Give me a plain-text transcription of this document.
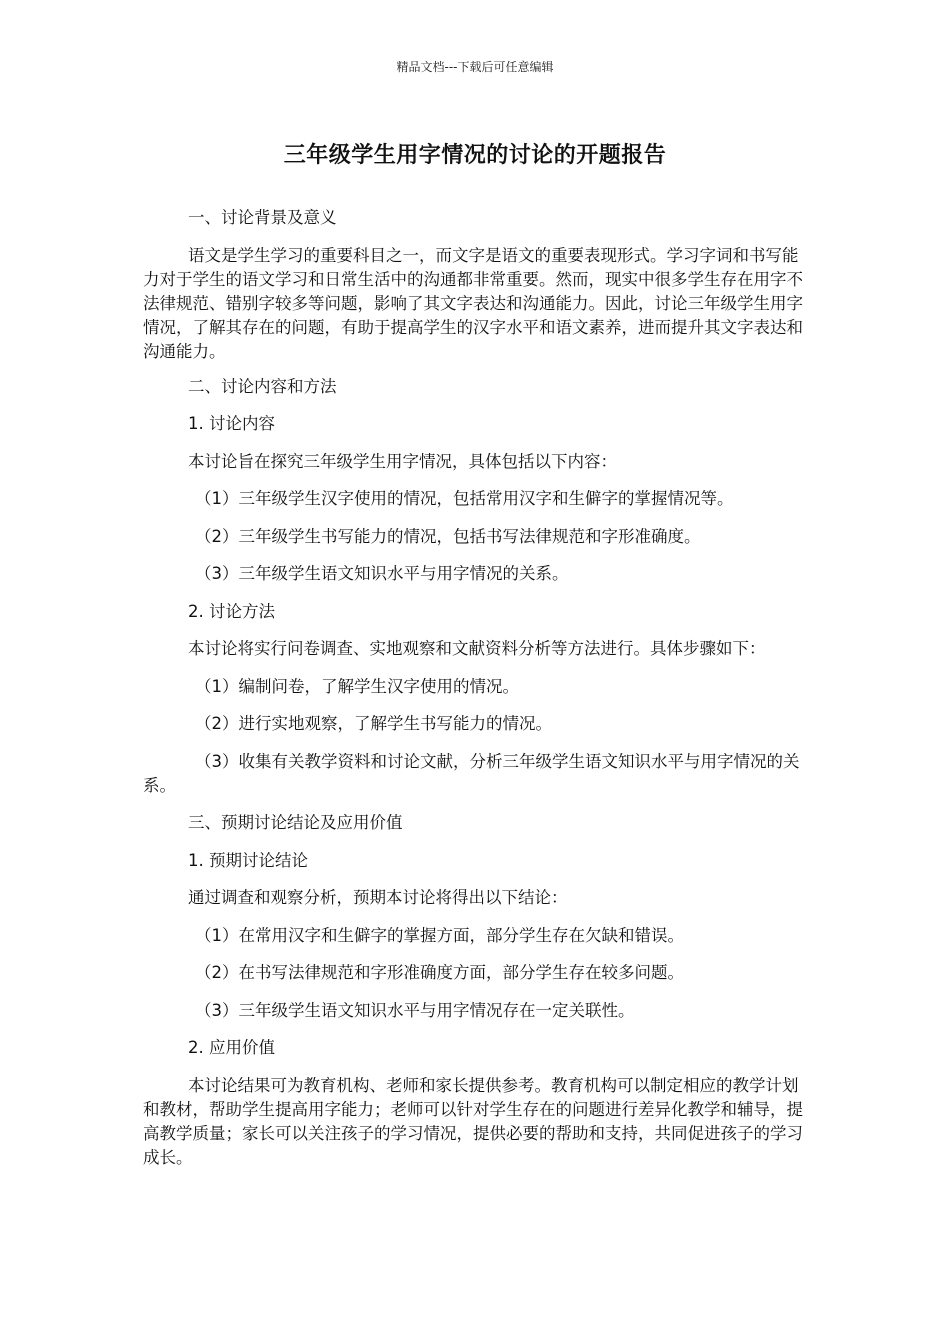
精品文档---下载后可任意编辑
三年级学生用字情况的讨论的开题报告

一、讨论背景及意义

语文是学生学习的重要科目之一，而文字是语文的重要表现形式。学习字词和书写能力对于学生的语文学习和日常生活中的沟通都非常重要。然而，现实中很多学生存在用字不法律规范、错别字较多等问题，影响了其文字表达和沟通能力。因此，讨论三年级学生用字情况，了解其存在的问题，有助于提高学生的汉字水平和语文素养，进而提升其文字表达和沟通能力。

二、讨论内容和方法

1. 讨论内容

本讨论旨在探究三年级学生用字情况，具体包括以下内容：

（1）三年级学生汉字使用的情况，包括常用汉字和生僻字的掌握情况等。

（2）三年级学生书写能力的情况，包括书写法律规范和字形准确度。

（3）三年级学生语文知识水平与用字情况的关系。

2. 讨论方法

本讨论将实行问卷调查、实地观察和文献资料分析等方法进行。具体步骤如下：

（1）编制问卷，了解学生汉字使用的情况。

（2）进行实地观察，了解学生书写能力的情况。

（3）收集有关教学资料和讨论文献，分析三年级学生语文知识水平与用字情况的关系。

三、预期讨论结论及应用价值

1. 预期讨论结论

通过调查和观察分析，预期本讨论将得出以下结论：

（1）在常用汉字和生僻字的掌握方面，部分学生存在欠缺和错误。

（2）在书写法律规范和字形准确度方面，部分学生存在较多问题。

（3）三年级学生语文知识水平与用字情况存在一定关联性。

2. 应用价值

本讨论结果可为教育机构、老师和家长提供参考。教育机构可以制定相应的教学计划和教材，帮助学生提高用字能力；老师可以针对学生存在的问题进行差异化教学和辅导，提高教学质量；家长可以关注孩子的学习情况，提供必要的帮助和支持，共同促进孩子的学习成长。
